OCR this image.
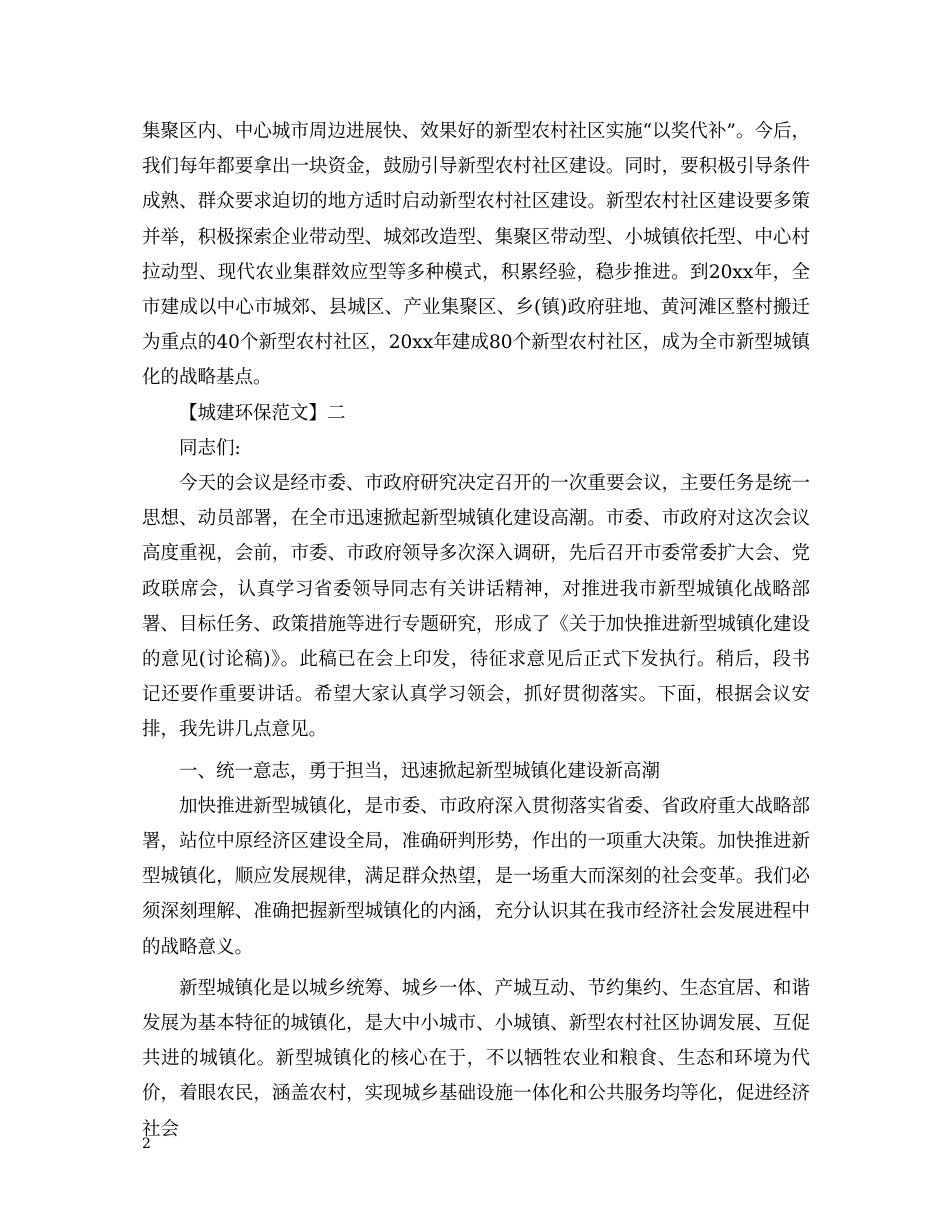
集聚区内、中心城市周边进展快、效果好的新型农村社区实施“以奖代补”。今后，我们每年都要拿出一块资金，鼓励引导新型农村社区建设。同时，要积极引导条件成熟、群众要求迫切的地方适时启动新型农村社区建设。新型农村社区建设要多策并举，积极探索企业带动型、城郊改造型、集聚区带动型、小城镇依托型、中心村拉动型、现代农业集群效应型等多种模式，积累经验，稳步推进。到20xx年，全市建成以中心市城郊、县城区、产业集聚区、乡(镇)政府驻地、黄河滩区整村搬迁为重点的40个新型农村社区，20xx年建成80个新型农村社区，成为全市新型城镇化的战略基点。

【城建环保范文】二

同志们:

今天的会议是经市委、市政府研究决定召开的一次重要会议，主要任务是统一思想、动员部署，在全市迅速掀起新型城镇化建设高潮。市委、市政府对这次会议高度重视，会前，市委、市政府领导多次深入调研，先后召开市委常委扩大会、党政联席会，认真学习省委领导同志有关讲话精神，对推进我市新型城镇化战略部署、目标任务、政策措施等进行专题研究，形成了《关于加快推进新型城镇化建设的意见(讨论稿)》。此稿已在会上印发，待征求意见后正式下发执行。稍后，段书记还要作重要讲话。希望大家认真学习领会，抓好贯彻落实。下面，根据会议安排，我先讲几点意见。

一、统一意志，勇于担当，迅速掀起新型城镇化建设新高潮

加快推进新型城镇化，是市委、市政府深入贯彻落实省委、省政府重大战略部署，站位中原经济区建设全局，准确研判形势，作出的一项重大决策。加快推进新型城镇化，顺应发展规律，满足群众热望，是一场重大而深刻的社会变革。我们必须深刻理解、准确把握新型城镇化的内涵，充分认识其在我市经济社会发展进程中的战略意义。

新型城镇化是以城乡统筹、城乡一体、产城互动、节约集约、生态宜居、和谐发展为基本特征的城镇化，是大中小城市、小城镇、新型农村社区协调发展、互促共进的城镇化。新型城镇化的核心在于，不以牺牲农业和粮食、生态和环境为代价，着眼农民，涵盖农村，实现城乡基础设施一体化和公共服务均等化，促进经济社会

2
